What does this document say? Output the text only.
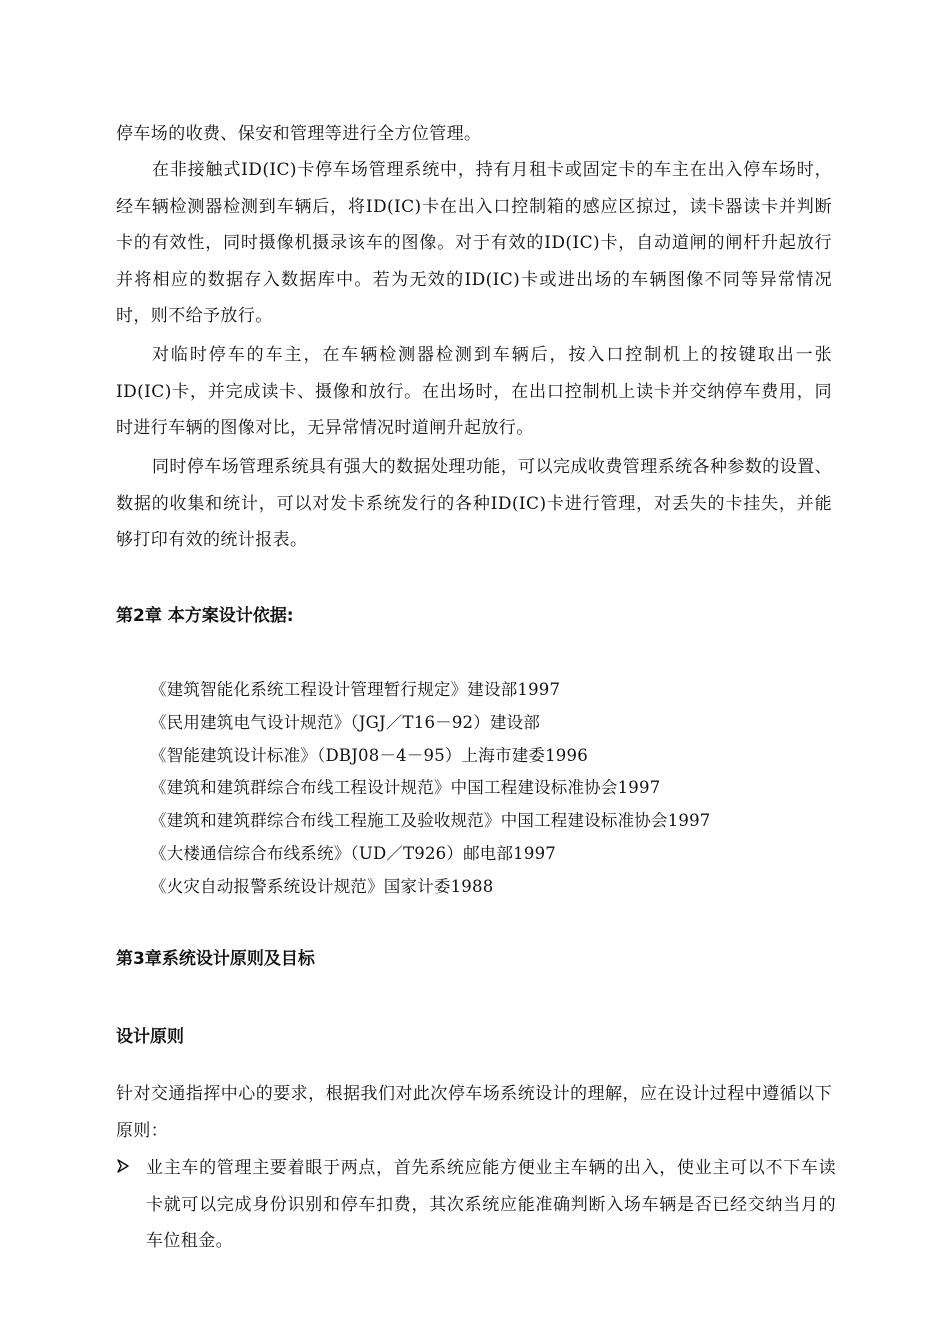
停车场的收费、保安和管理等进行全方位管理。

在非接触式ID(IC)卡停车场管理系统中，持有月租卡或固定卡的车主在出入停车场时，经车辆检测器检测到车辆后，将ID(IC)卡在出入口控制箱的感应区掠过，读卡器读卡并判断卡的有效性，同时摄像机摄录该车的图像。对于有效的ID(IC)卡，自动道闸的闸杆升起放行并将相应的数据存入数据库中。若为无效的ID(IC)卡或进出场的车辆图像不同等异常情况时，则不给予放行。

对临时停车的车主，在车辆检测器检测到车辆后，按入口控制机上的按键取出一张ID(IC)卡，并完成读卡、摄像和放行。在出场时，在出口控制机上读卡并交纳停车费用，同时进行车辆的图像对比，无异常情况时道闸升起放行。

同时停车场管理系统具有强大的数据处理功能，可以完成收费管理系统各种参数的设置、数据的收集和统计，可以对发卡系统发行的各种ID(IC)卡进行管理，对丢失的卡挂失，并能够打印有效的统计报表。

第2章 本方案设计依据:
《建筑智能化系统工程设计管理暂行规定》建设部1997
《民用建筑电气设计规范》（JGJ／T16－92）建设部
《智能建筑设计标准》（DBJ08－4－95）上海市建委1996
《建筑和建筑群综合布线工程设计规范》中国工程建设标准协会1997
《建筑和建筑群综合布线工程施工及验收规范》中国工程建设标准协会1997
《大楼通信综合布线系统》（UD／T926）邮电部1997
《火灾自动报警系统设计规范》国家计委1988
第3章系统设计原则及目标
设计原则

针对交通指挥中心的要求，根据我们对此次停车场系统设计的理解，应在设计过程中遵循以下原则：

业主车的管理主要着眼于两点，首先系统应能方便业主车辆的出入，使业主可以不下车读卡就可以完成身份识别和停车扣费，其次系统应能准确判断入场车辆是否已经交纳当月的车位租金。
